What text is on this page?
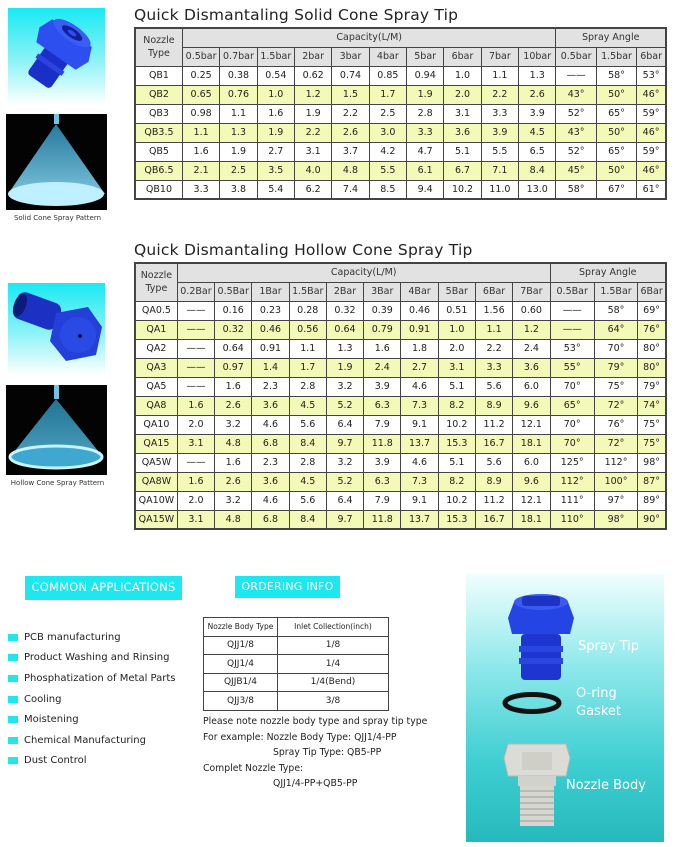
Solid Cone Spray Pattern
Quick Dismantaling Solid Cone Spray Tip
Nozzle Type	Capacity(L/M)										Spray Angle		
	0.5bar	0.7bar	1.5bar	2bar	3bar	4bar	5bar	6bar	7bar	10bar	0.5bar	1.5bar	6bar
QB1	0.25	0.38	0.54	0.62	0.74	0.85	0.94	1.0	1.1	1.3	——	58°	53°
QB2	0.65	0.76	1.0	1.2	1.5	1.7	1.9	2.0	2.2	2.6	43°	50°	46°
QB3	0.98	1.1	1.6	1.9	2.2	2.5	2.8	3.1	3.3	3.9	52°	65°	59°
QB3.5	1.1	1.3	1.9	2.2	2.6	3.0	3.3	3.6	3.9	4.5	43°	50°	46°
QB5	1.6	1.9	2.7	3.1	3.7	4.2	4.7	5.1	5.5	6.5	52°	65°	59°
QB6.5	2.1	2.5	3.5	4.0	4.8	5.5	6.1	6.7	7.1	8.4	45°	50°	46°
QB10	3.3	3.8	5.4	6.2	7.4	8.5	9.4	10.2	11.0	13.0	58°	67°	61°
Hollow Cone Spray Pattern
Quick Dismantaling Hollow Cone Spray Tip
Nozzle Type	Capacity(L/M)										Spray Angle		
	0.2Bar	0.5Bar	1Bar	1.5Bar	2Bar	3Bar	4Bar	5Bar	6Bar	7Bar	0.5Bar	1.5Bar	6Bar
QA0.5	——	0.16	0.23	0.28	0.32	0.39	0.46	0.51	1.56	0.60	——	58°	69°
QA1	——	0.32	0.46	0.56	0.64	0.79	0.91	1.0	1.1	1.2	——	64°	76°
QA2	——	0.64	0.91	1.1	1.3	1.6	1.8	2.0	2.2	2.4	53°	70°	80°
QA3	——	0.97	1.4	1.7	1.9	2.4	2.7	3.1	3.3	3.6	55°	79°	80°
QA5	——	1.6	2.3	2.8	3.2	3.9	4.6	5.1	5.6	6.0	70°	75°	79°
QA8	1.6	2.6	3.6	4.5	5.2	6.3	7.3	8.2	8.9	9.6	65°	72°	74°
QA10	2.0	3.2	4.6	5.6	6.4	7.9	9.1	10.2	11.2	12.1	70°	76°	75°
QA15	3.1	4.8	6.8	8.4	9.7	11.8	13.7	15.3	16.7	18.1	70°	72°	75°
QA5W	——	1.6	2.3	2.8	3.2	3.9	4.6	5.1	5.6	6.0	125°	112°	98°
QA8W	1.6	2.6	3.6	4.5	5.2	6.3	7.3	8.2	8.9	9.6	112°	100°	87°
QA10W	2.0	3.2	4.6	5.6	6.4	7.9	9.1	10.2	11.2	12.1	111°	97°	89°
QA15W	3.1	4.8	6.8	8.4	9.7	11.8	13.7	15.3	16.7	18.1	110°	98°	90°
COMMON APPLICATIONS
PCB manufacturing
Product Washing and Rinsing
Phosphatization of Metal Parts
Cooling
Moistening
Chemical Manufacturing
Dust Control
ORDERING INFO
Nozzle Body Type	Inlet Collection(inch)
QJJ1/8	1/8
QJJ1/4	1/4
QJJB1/4	1/4(Bend)
QJJ3/8	3/8
Please note nozzle body type and spray tip type
For example: Nozzle Body Type: QJJ1/4-PP
Spray Tip Type: QB5-PP
Complet Nozzle Type:
QJJ1/4-PP+QB5-PP
Spray Tip
O-ring
Gasket
Nozzle Body
